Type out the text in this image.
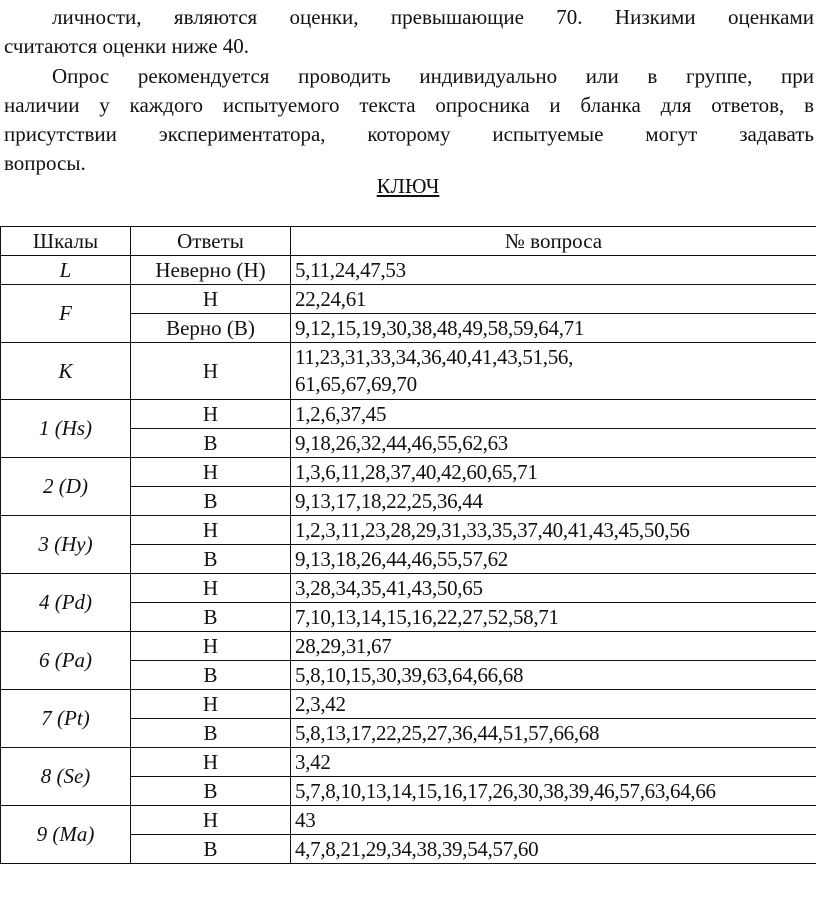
личности, являются оценки, превышающие 70. Низкими оценками
считаются оценки ниже 40.
Опрос рекомендуется проводить индивидуально или в группе, при
наличии у каждого испытуемого текста опросника и бланка для ответов, в
присутствии экспериментатора, которому испытуемые могут задавать
вопросы.
КЛЮЧ
Шкалы	Ответы	№ вопроса
L	Неверно (Н)	5,11,24,47,53
F	Н	22,24,61
	Верно (В)	9,12,15,19,30,38,48,49,58,59,64,71
K	Н	11,23,31,33,34,36,40,41,43,51,56,
61,65,67,69,70

1 (Hs)	Н	1,2,6,37,45
	В	9,18,26,32,44,46,55,62,63
2 (D)	Н	1,3,6,11,28,37,40,42,60,65,71
	В	9,13,17,18,22,25,36,44
3 (Hy)	Н	1,2,3,11,23,28,29,31,33,35,37,40,41,43,45,50,56
	В	9,13,18,26,44,46,55,57,62
4 (Pd)	Н	3,28,34,35,41,43,50,65
	В	7,10,13,14,15,16,22,27,52,58,71
6 (Pa)	Н	28,29,31,67
	В	5,8,10,15,30,39,63,64,66,68
7 (Pt)	Н	2,3,42
	В	5,8,13,17,22,25,27,36,44,51,57,66,68
8 (Se)	Н	3,42
	В	5,7,8,10,13,14,15,16,17,26,30,38,39,46,57,63,64,66
9 (Ma)	Н	43
	В	4,7,8,21,29,34,38,39,54,57,60
